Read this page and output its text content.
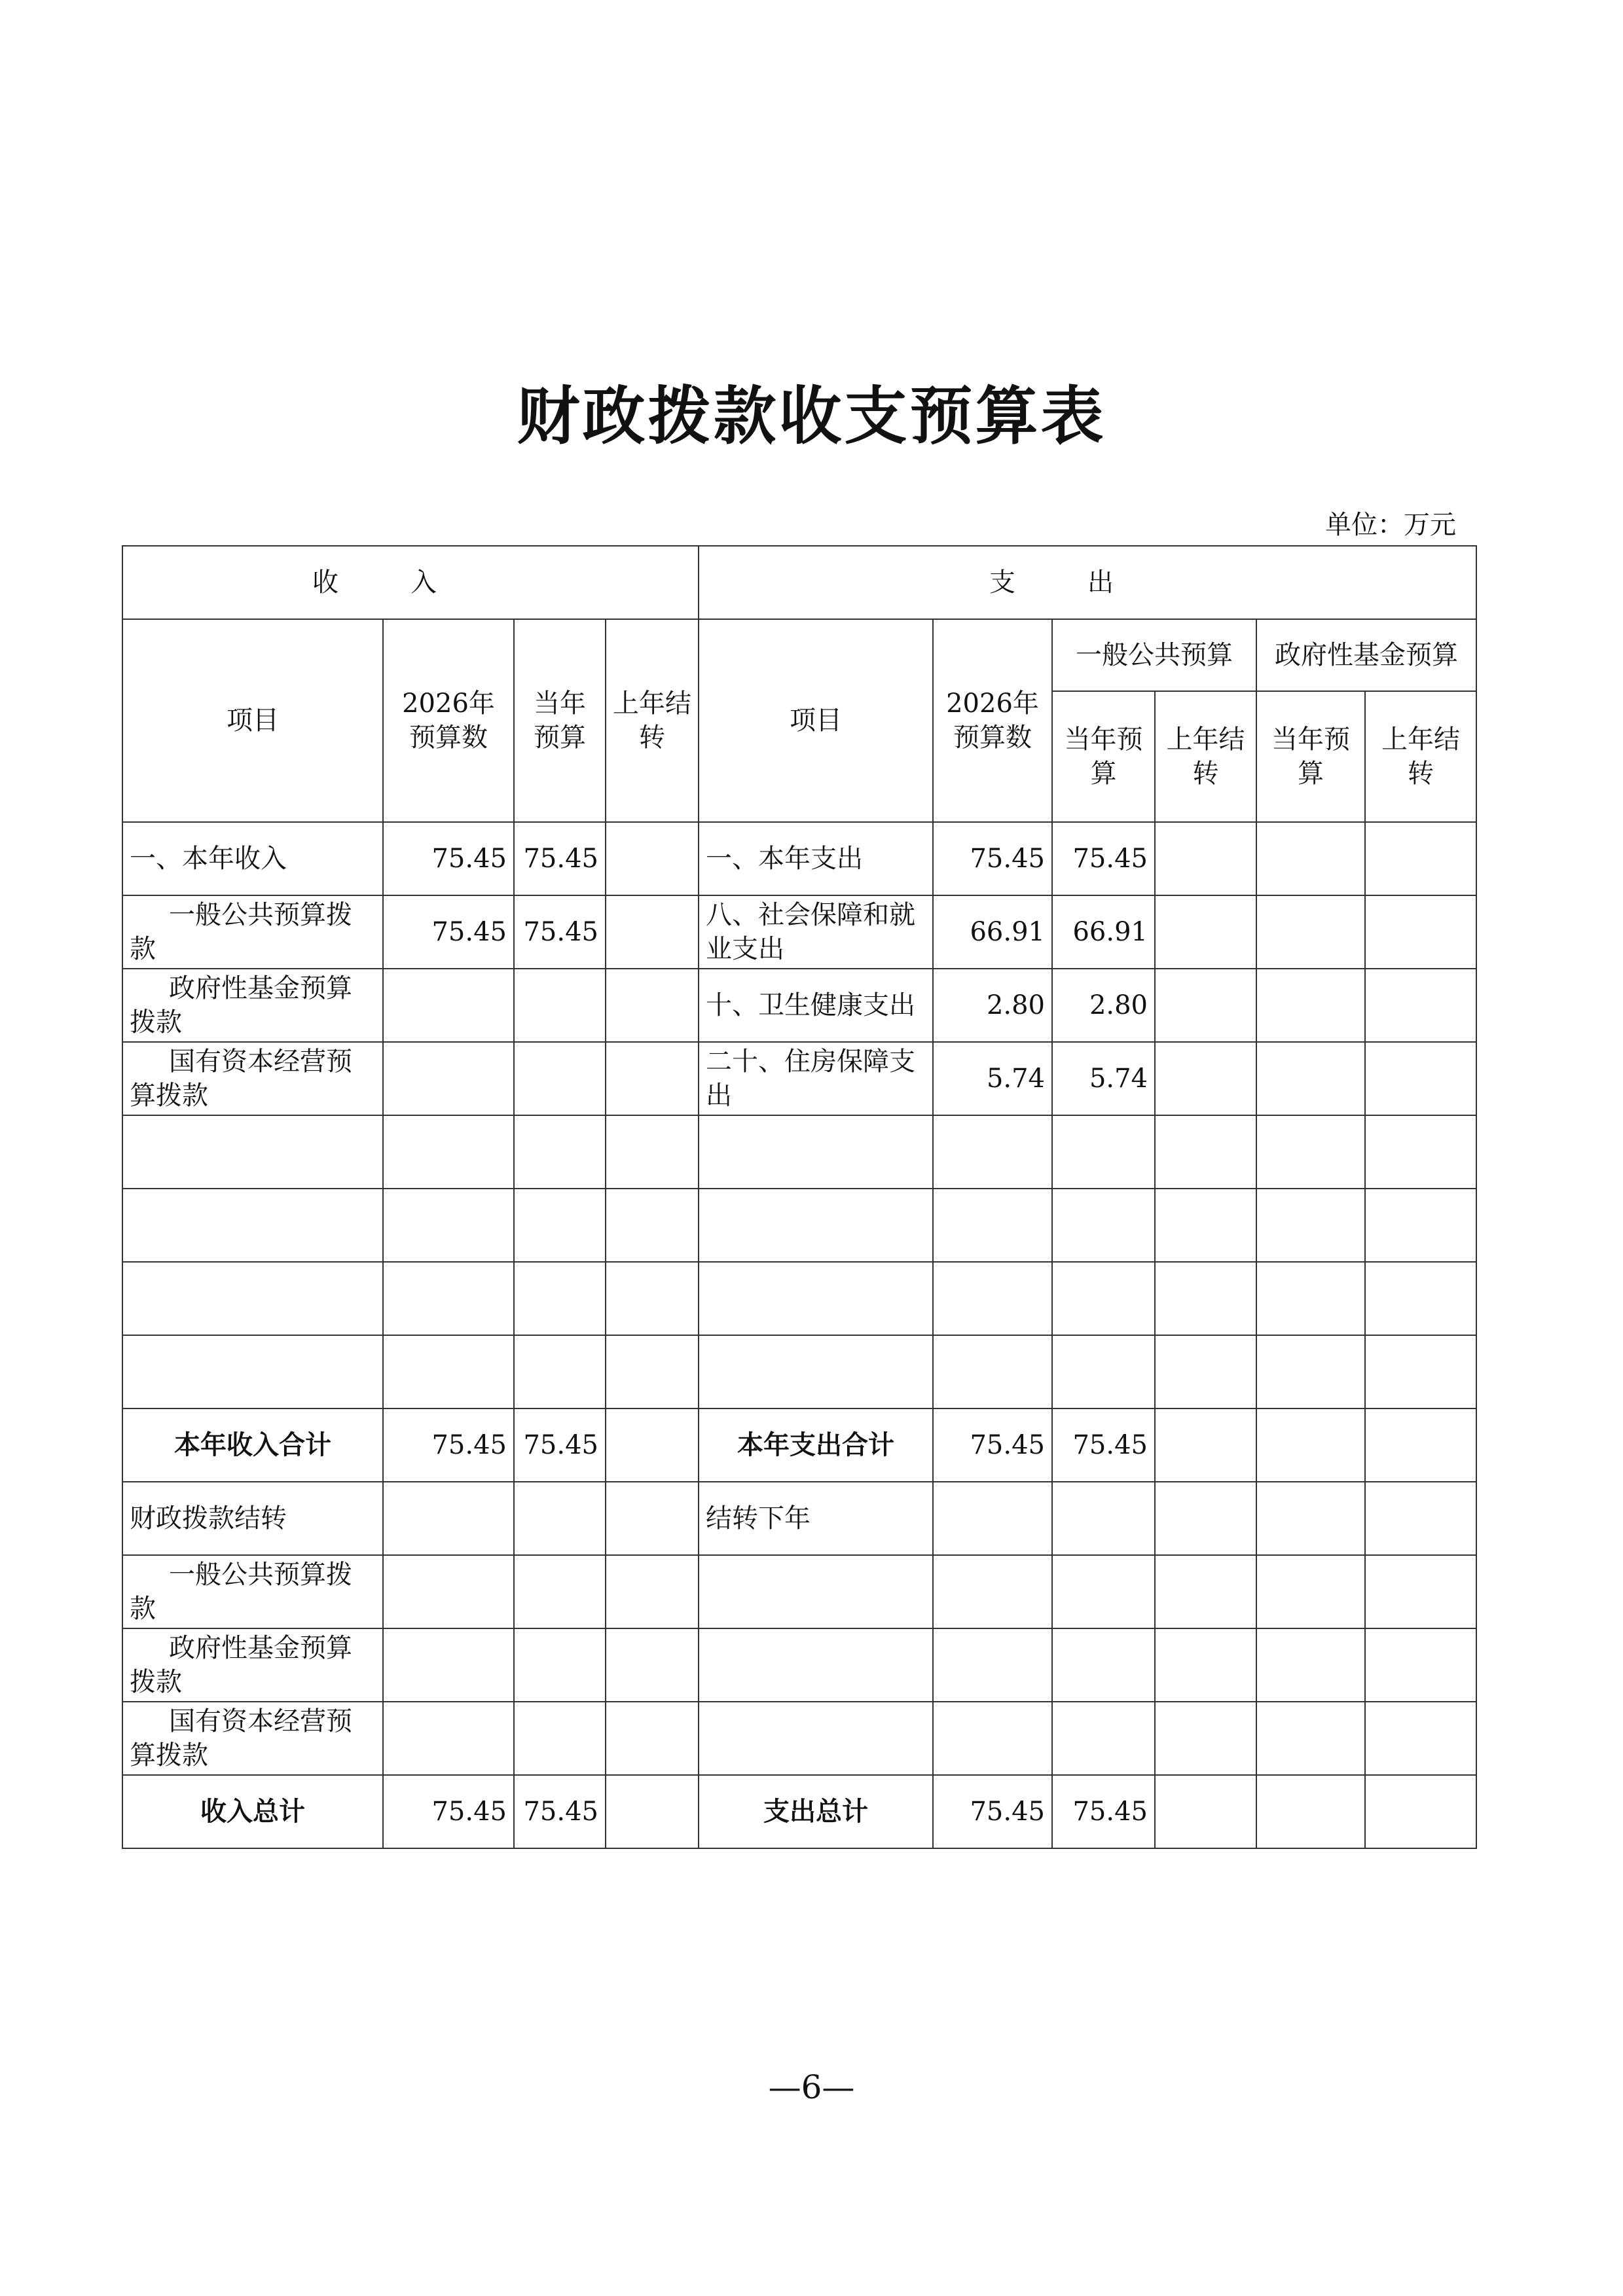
财政拨款收支预算表
单位：万元
收入				支出					
项目	2026年预算数	当年预算	上年结转	项目	2026年预算数	一般公共预算		政府性基金预算	
						当年预算	上年结转	当年预算	上年结转
一、本年收入	75.45	75.45		一、本年支出	75.45	75.45			
一般公共预算拨款	75.45	75.45		八、社会保障和就业支出	66.91	66.91			
政府性基金预算拨款				十、卫生健康支出	2.80	2.80			
国有资本经营预算拨款				二十、住房保障支出	5.74	5.74			

本年收入合计	75.45	75.45		本年支出合计	75.45	75.45			
财政拨款结转				结转下年					
一般公共预算拨款									
政府性基金预算拨款									
国有资本经营预算拨款									
收入总计	75.45	75.45		支出总计	75.45	75.45			
—6—
